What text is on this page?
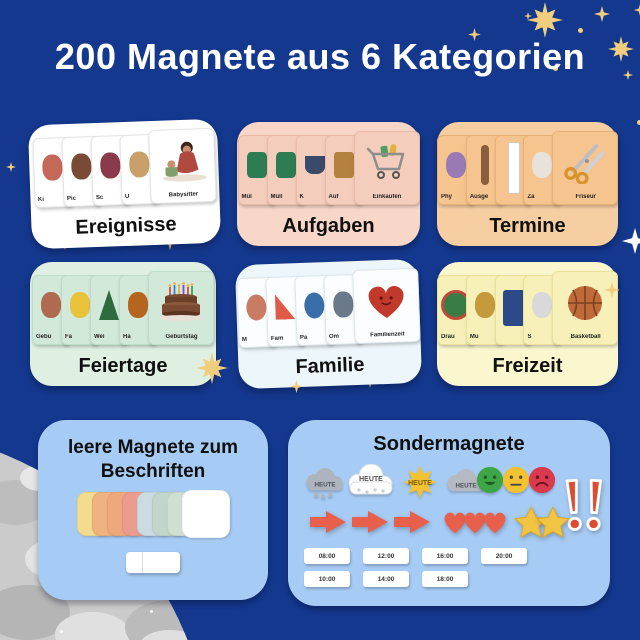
200 Magnete aus 6 Kategorien
Ki	Pic	Sc	U	Babysitter
Ereignisse
Mül	Müll	K	Auf	Einkaufen
Aufgaben
Phy	Ausge	Za	Friseur
Termine
Gebu	Fa	Wei	Ha	Geburtstag
Feiertage
M	Fam	Pa	Om	Familienzeit
Familie
Drau	Mu	S	Basketball
Freizeit
leere Magnete zum
Beschriften
Sondermagnete
HEUTE
HEUTE
HEUTE	HEUTE
08:00	12:00	16:00	20:00
10:00	14:00	18:00
